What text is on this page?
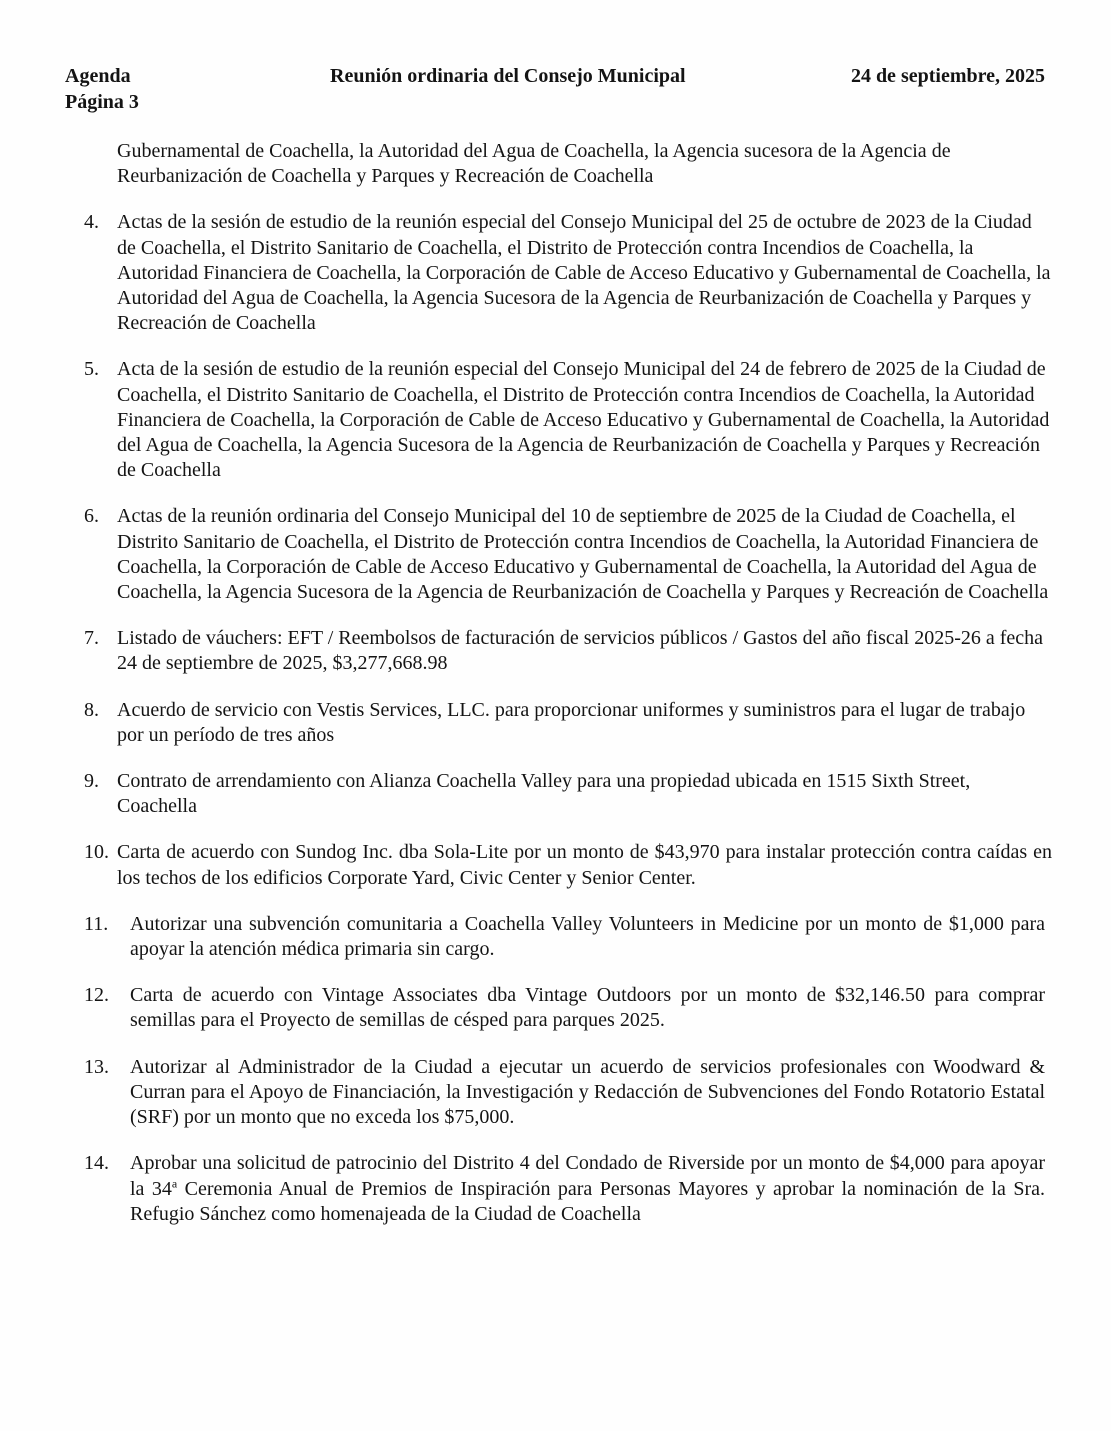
Agenda
Página 3
Reunión ordinaria del Consejo Municipal	24 de septiembre, 2025
Gubernamental de Coachella, la Autoridad del Agua de Coachella, la Agencia sucesora de la Agencia de Reurbanización de Coachella y Parques y Recreación de Coachella
4. Actas de la sesión de estudio de la reunión especial del Consejo Municipal del 25 de octubre de 2023 de la Ciudad de Coachella, el Distrito Sanitario de Coachella, el Distrito de Protección contra Incendios de Coachella, la Autoridad Financiera de Coachella, la Corporación de Cable de Acceso Educativo y Gubernamental de Coachella, la Autoridad del Agua de Coachella, la Agencia Sucesora de la Agencia de Reurbanización de Coachella y Parques y Recreación de Coachella
5. Acta de la sesión de estudio de la reunión especial del Consejo Municipal del 24 de febrero de 2025 de la Ciudad de Coachella, el Distrito Sanitario de Coachella, el Distrito de Protección contra Incendios de Coachella, la Autoridad Financiera de Coachella, la Corporación de Cable de Acceso Educativo y Gubernamental de Coachella, la Autoridad del Agua de Coachella, la Agencia Sucesora de la Agencia de Reurbanización de Coachella y Parques y Recreación de Coachella
6. Actas de la reunión ordinaria del Consejo Municipal del 10 de septiembre de 2025 de la Ciudad de Coachella, el Distrito Sanitario de Coachella, el Distrito de Protección contra Incendios de Coachella, la Autoridad Financiera de Coachella, la Corporación de Cable de Acceso Educativo y Gubernamental de Coachella, la Autoridad del Agua de Coachella, la Agencia Sucesora de la Agencia de Reurbanización de Coachella y Parques y Recreación de Coachella
7. Listado de váuchers: EFT / Reembolsos de facturación de servicios públicos / Gastos del año fiscal 2025-26 a fecha 24 de septiembre de 2025, $3,277,668.98
8. Acuerdo de servicio con Vestis Services, LLC. para proporcionar uniformes y suministros para el lugar de trabajo por un período de tres años
9. Contrato de arrendamiento con Alianza Coachella Valley para una propiedad ubicada en 1515 Sixth Street, Coachella
10. Carta de acuerdo con Sundog Inc. dba Sola-Lite por un monto de $43,970 para instalar protección contra caídas en los techos de los edificios Corporate Yard, Civic Center y Senior Center.
11. Autorizar una subvención comunitaria a Coachella Valley Volunteers in Medicine por un monto de $1,000 para apoyar la atención médica primaria sin cargo.
12. Carta de acuerdo con Vintage Associates dba Vintage Outdoors por un monto de $32,146.50 para comprar semillas para el Proyecto de semillas de césped para parques 2025.
13. Autorizar al Administrador de la Ciudad a ejecutar un acuerdo de servicios profesionales con Woodward & Curran para el Apoyo de Financiación, la Investigación y Redacción de Subvenciones del Fondo Rotatorio Estatal (SRF) por un monto que no exceda los $75,000.
14. Aprobar una solicitud de patrocinio del Distrito 4 del Condado de Riverside por un monto de $4,000 para apoyar la 34$^a$ Ceremonia Anual de Premios de Inspiración para Personas Mayores y aprobar la nominación de la Sra. Refugio Sánchez como homenajeada de la Ciudad de Coachella
